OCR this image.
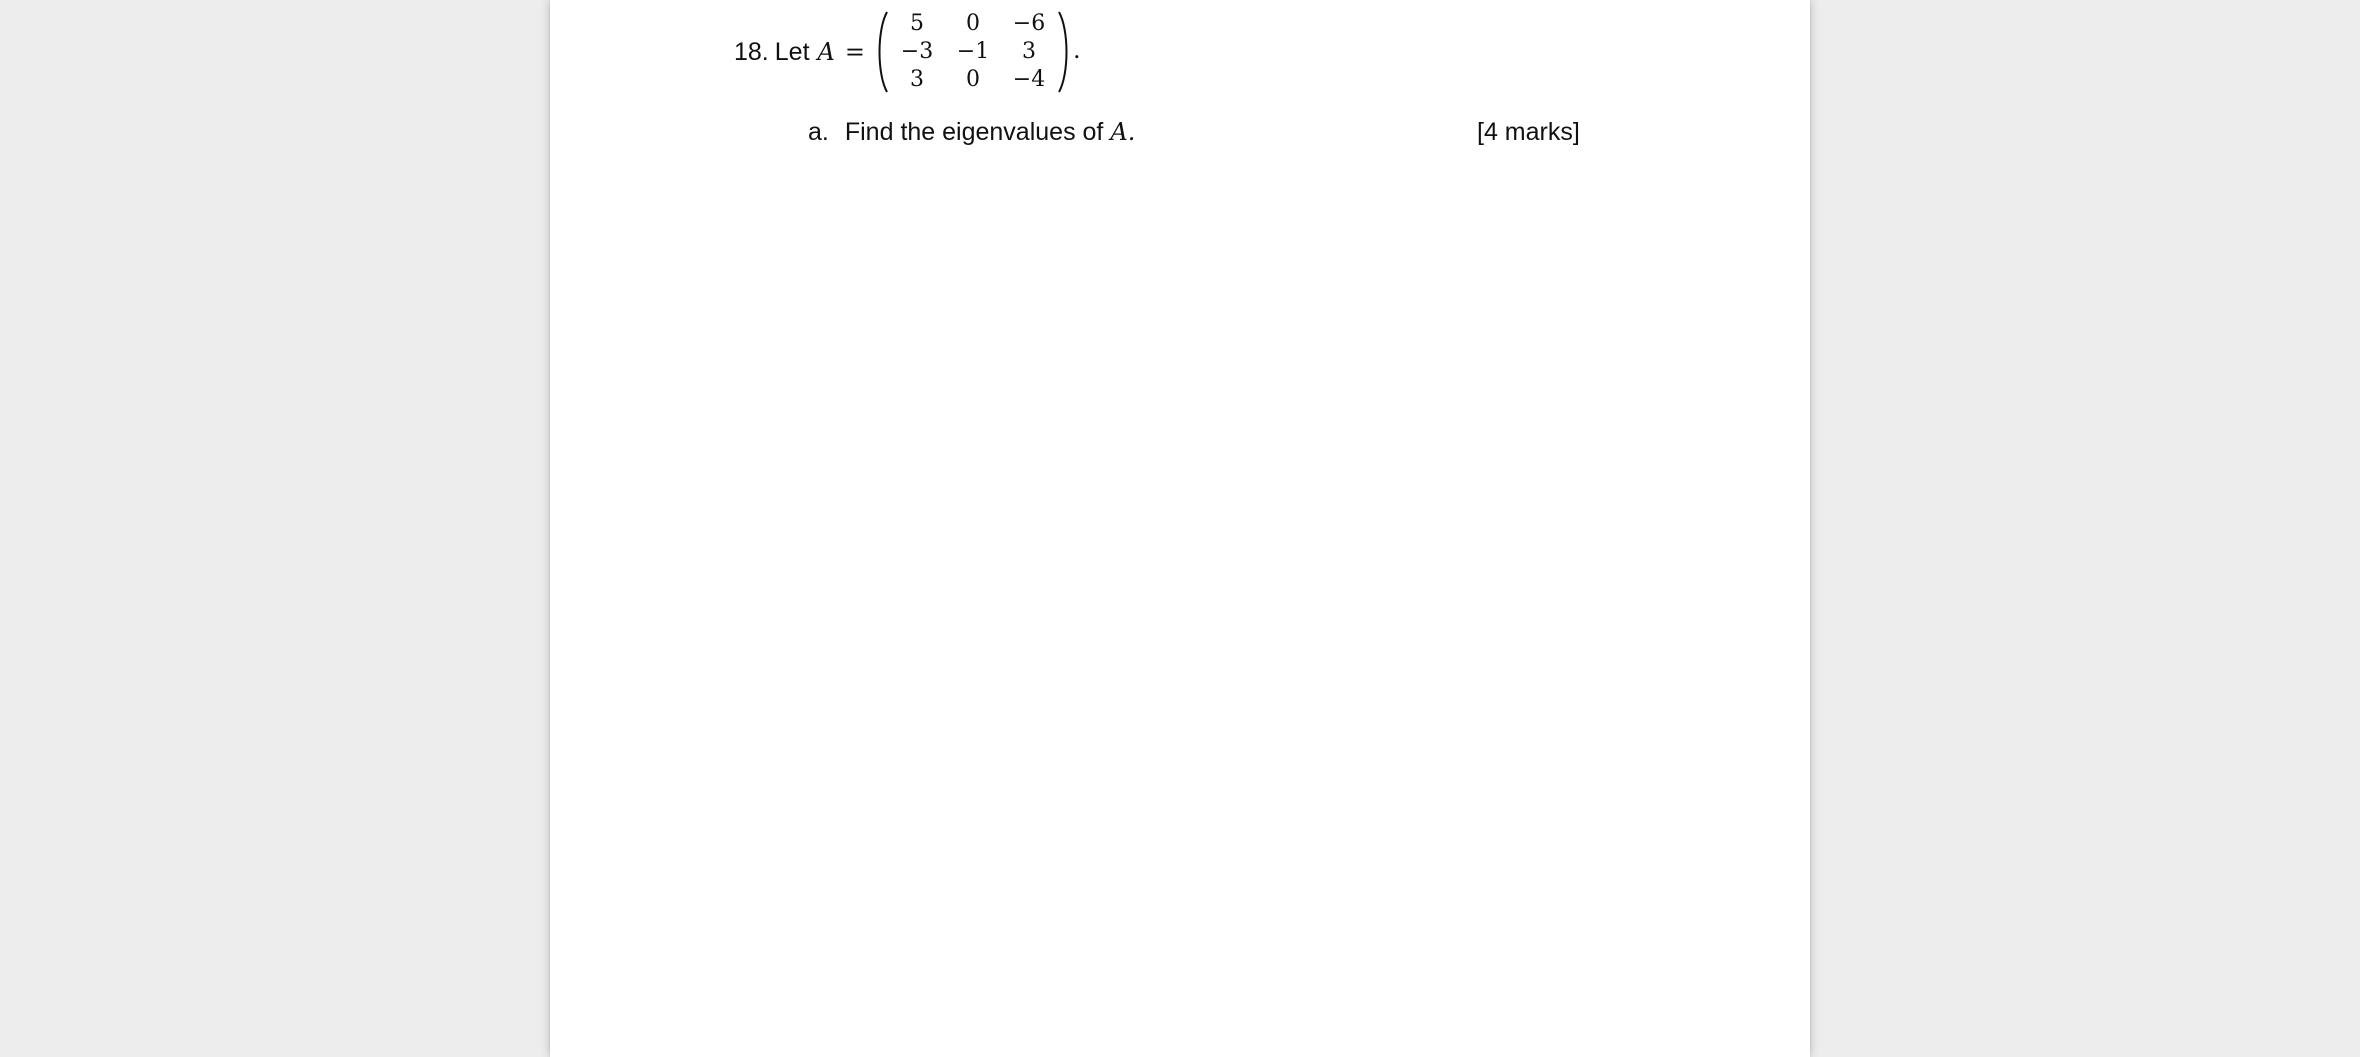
18. Let A =
5	0	−6
−3	−1	3
3	0	−4
.
a. Find the eigenvalues of A.	[4 marks]
